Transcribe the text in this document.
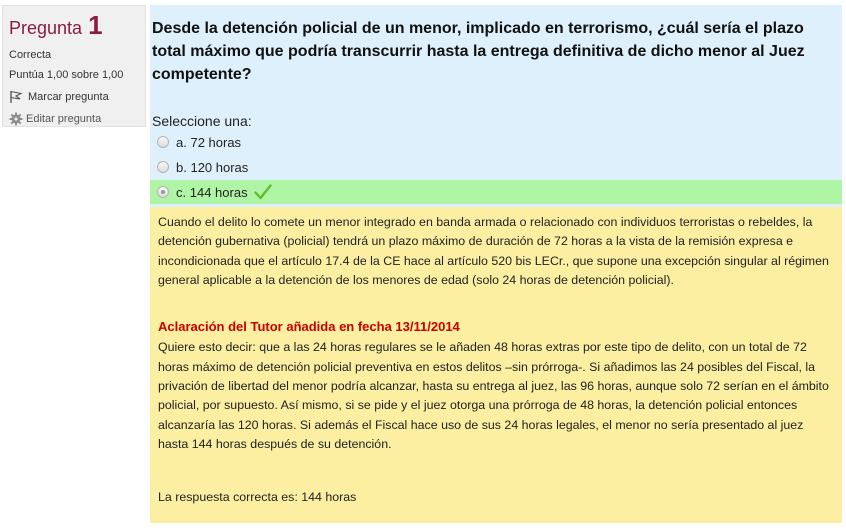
Pregunta 1
Correcta
Puntúa 1,00 sobre 1,00
Marcar pregunta
Editar pregunta
Desde la detención policial de un menor, implicado en terrorismo, ¿cuál sería el plazo total máximo que podría transcurrir hasta la entrega definitiva de dicho menor al Juez competente?
Seleccione una:
a.
72 horas
b.
120 horas
c.
144 horas
Cuando el delito lo comete un menor integrado en banda armada o relacionado con individuos terroristas o rebeldes, la detención gubernativa (policial) tendrá un plazo máximo de duración de 72 horas a la vista de la remisión expresa e incondicionada que el artículo 17.4 de la CE hace al artículo 520 bis LECr., que supone una excepción singular al régimen general aplicable a la detención de los menores de edad (solo 24 horas de detención policial).
Aclaración del Tutor añadida en fecha 13/11/2014
Quiere esto decir: que a las 24 horas regulares se le añaden 48 horas extras por este tipo de delito, con un total de 72 horas máximo de detención policial preventiva en estos delitos –sin prórroga-. Si añadimos las 24 posibles del Fiscal, la privación de libertad del menor podría alcanzar, hasta su entrega al juez, las 96 horas, aunque solo 72 serían en el ámbito policial, por supuesto. Así mismo, si se pide y el juez otorga una prórroga de 48 horas, la detención policial entonces alcanzaría las 120 horas. Si además el Fiscal hace uso de sus 24 horas legales, el menor no sería presentado al juez hasta 144 horas después de su detención.
La respuesta correcta es: 144 horas
